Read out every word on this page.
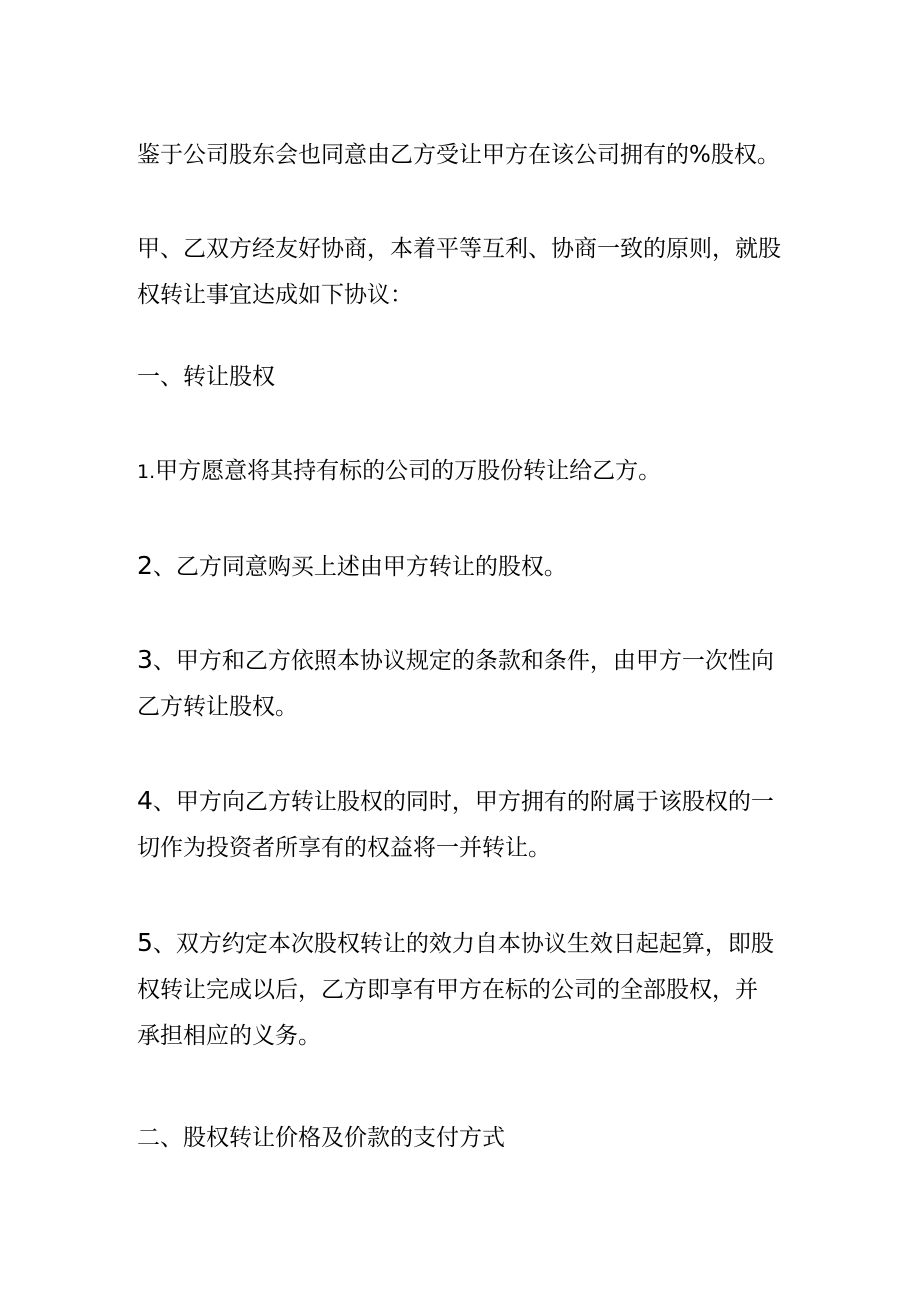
鉴于公司股东会也同意由乙方受让甲方在该公司拥有的%股权。

甲、乙双方经友好协商，本着平等互利、协商一致的原则，就股
权转让事宜达成如下协议：

一、转让股权

1.甲方愿意将其持有标的公司的万股份转让给乙方。

2、乙方同意购买上述由甲方转让的股权。

3、甲方和乙方依照本协议规定的条款和条件，由甲方一次性向
乙方转让股权。

4、甲方向乙方转让股权的同时，甲方拥有的附属于该股权的一
切作为投资者所享有的权益将一并转让。

5、双方约定本次股权转让的效力自本协议生效日起起算，即股
权转让完成以后，乙方即享有甲方在标的公司的全部股权，并
承担相应的义务。

二、股权转让价格及价款的支付方式
